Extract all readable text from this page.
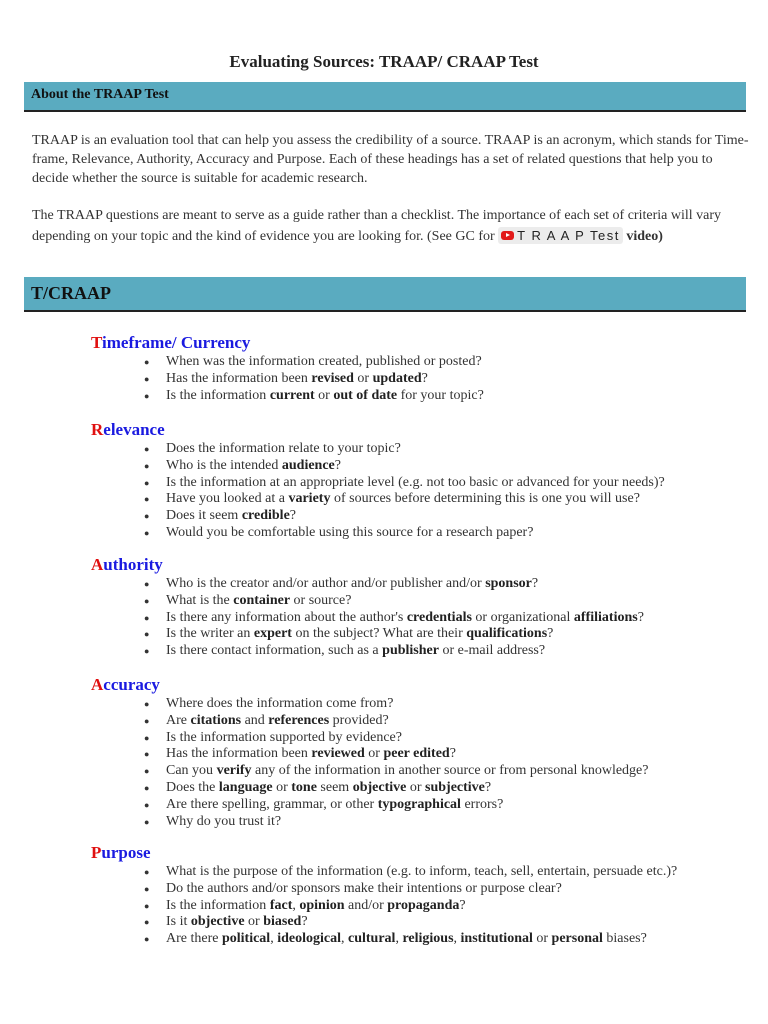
Evaluating Sources: TRAAP/ CRAAP Test
About the TRAAP Test
TRAAP is an evaluation tool that can help you assess the credibility of a source. TRAAP is an acronym, which stands for Time-frame, Relevance, Authority, Accuracy and Purpose. Each of these headings has a set of related questions that help you to decide whether the source is suitable for academic research.
The TRAAP questions are meant to serve as a guide rather than a checklist. The importance of each set of criteria will vary depending on your topic and the kind of evidence you are looking for. (See GC for T R A A P Test video)
T/CRAAP
Timeframe/ Currency
● When was the information created, published or posted?
● Has the information been revised or updated?
● Is the information current or out of date for your topic?
Relevance
● Does the information relate to your topic?
● Who is the intended audience?
● Is the information at an appropriate level (e.g. not too basic or advanced for your needs)?
● Have you looked at a variety of sources before determining this is one you will use?
● Does it seem credible?
● Would you be comfortable using this source for a research paper?
Authority
● Who is the creator and/or author and/or publisher and/or sponsor?
● What is the container or source?
● Is there any information about the author's credentials or organizational affiliations?
● Is the writer an expert on the subject? What are their qualifications?
● Is there contact information, such as a publisher or e-mail address?
Accuracy
● Where does the information come from?
● Are citations and references provided?
● Is the information supported by evidence?
● Has the information been reviewed or peer edited?
● Can you verify any of the information in another source or from personal knowledge?
● Does the language or tone seem objective or subjective?
● Are there spelling, grammar, or other typographical errors?
● Why do you trust it?
Purpose
● What is the purpose of the information (e.g. to inform, teach, sell, entertain, persuade etc.)?
● Do the authors and/or sponsors make their intentions or purpose clear?
● Is the information fact, opinion and/or propaganda?
● Is it objective or biased?
● Are there political, ideological, cultural, religious, institutional or personal biases?
